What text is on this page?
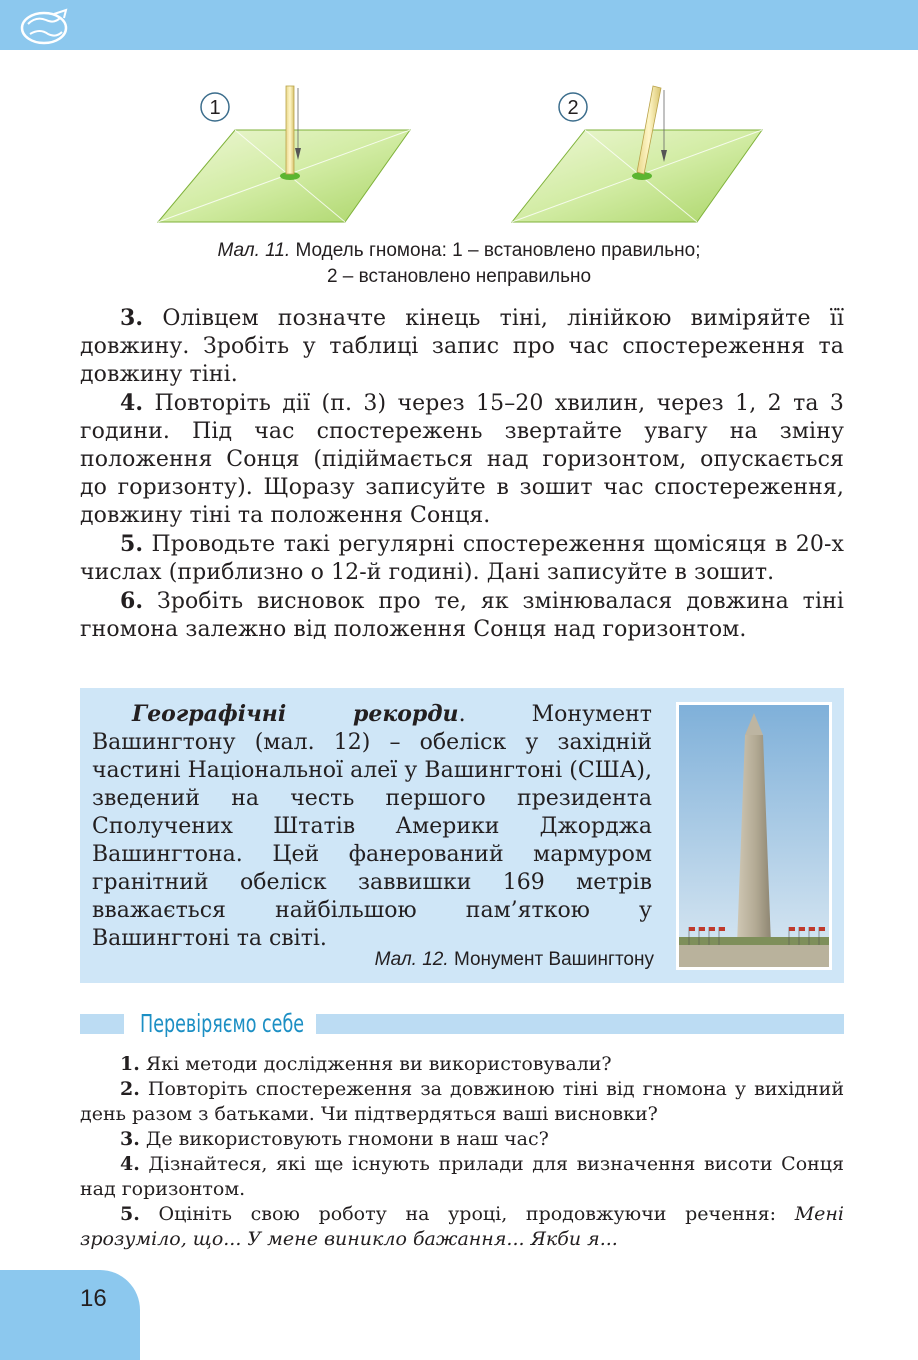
1	2
Мал. 11. Модель гномона: 1 – встановлено правильно;
2 – встановлено неправильно

3. Олівцем позначте кінець тіні, лінійкою виміряйте її довжину. Зробіть у таблиці запис про час спостереження та довжину тіні.

4. Повторіть дії (п. 3) через 15–20 хвилин, через 1, 2 та 3 години. Під час спостережень звертайте увагу на зміну положення Сонця (підіймається над горизонтом, опускається до горизонту). Щоразу записуйте в зошит час спостереження, довжину тіні та положення Сонця.

5. Проводьте такі регулярні спостереження щомісяця в 20-х числах (приблизно о 12-й годині). Дані записуйте в зошит.

6. Зробіть висновок про те, як змінювалася довжина тіні гномона залежно від положення Сонця над горизонтом.

Географічні рекорди. Монумент Вашингтону (мал. 12) – обеліск у західній частині Національної алеї у Вашингтоні (США), зведений на честь першого президента Сполучених Штатів Америки Джорджа Вашингтона. Цей фанерований мармуром гранітний обеліск заввишки 169 метрів вважається найбільшою пам’яткою у Вашингтоні та світі.

Мал. 12. Монумент Вашингтону
Перевіряємо себе

1. Які методи дослідження ви використовували?

2. Повторіть спостереження за довжиною тіні від гномона у вихідний день разом з батьками. Чи підтвердяться ваші висновки?

3. Де використовують гномони в наш час?

4. Дізнайтеся, які ще існують прилади для визначення висоти Сонця над горизонтом.

5. Оцініть свою роботу на уроці, продовжуючи речення: Мені зрозуміло, що... У мене виникло бажання... Якби я...

16
